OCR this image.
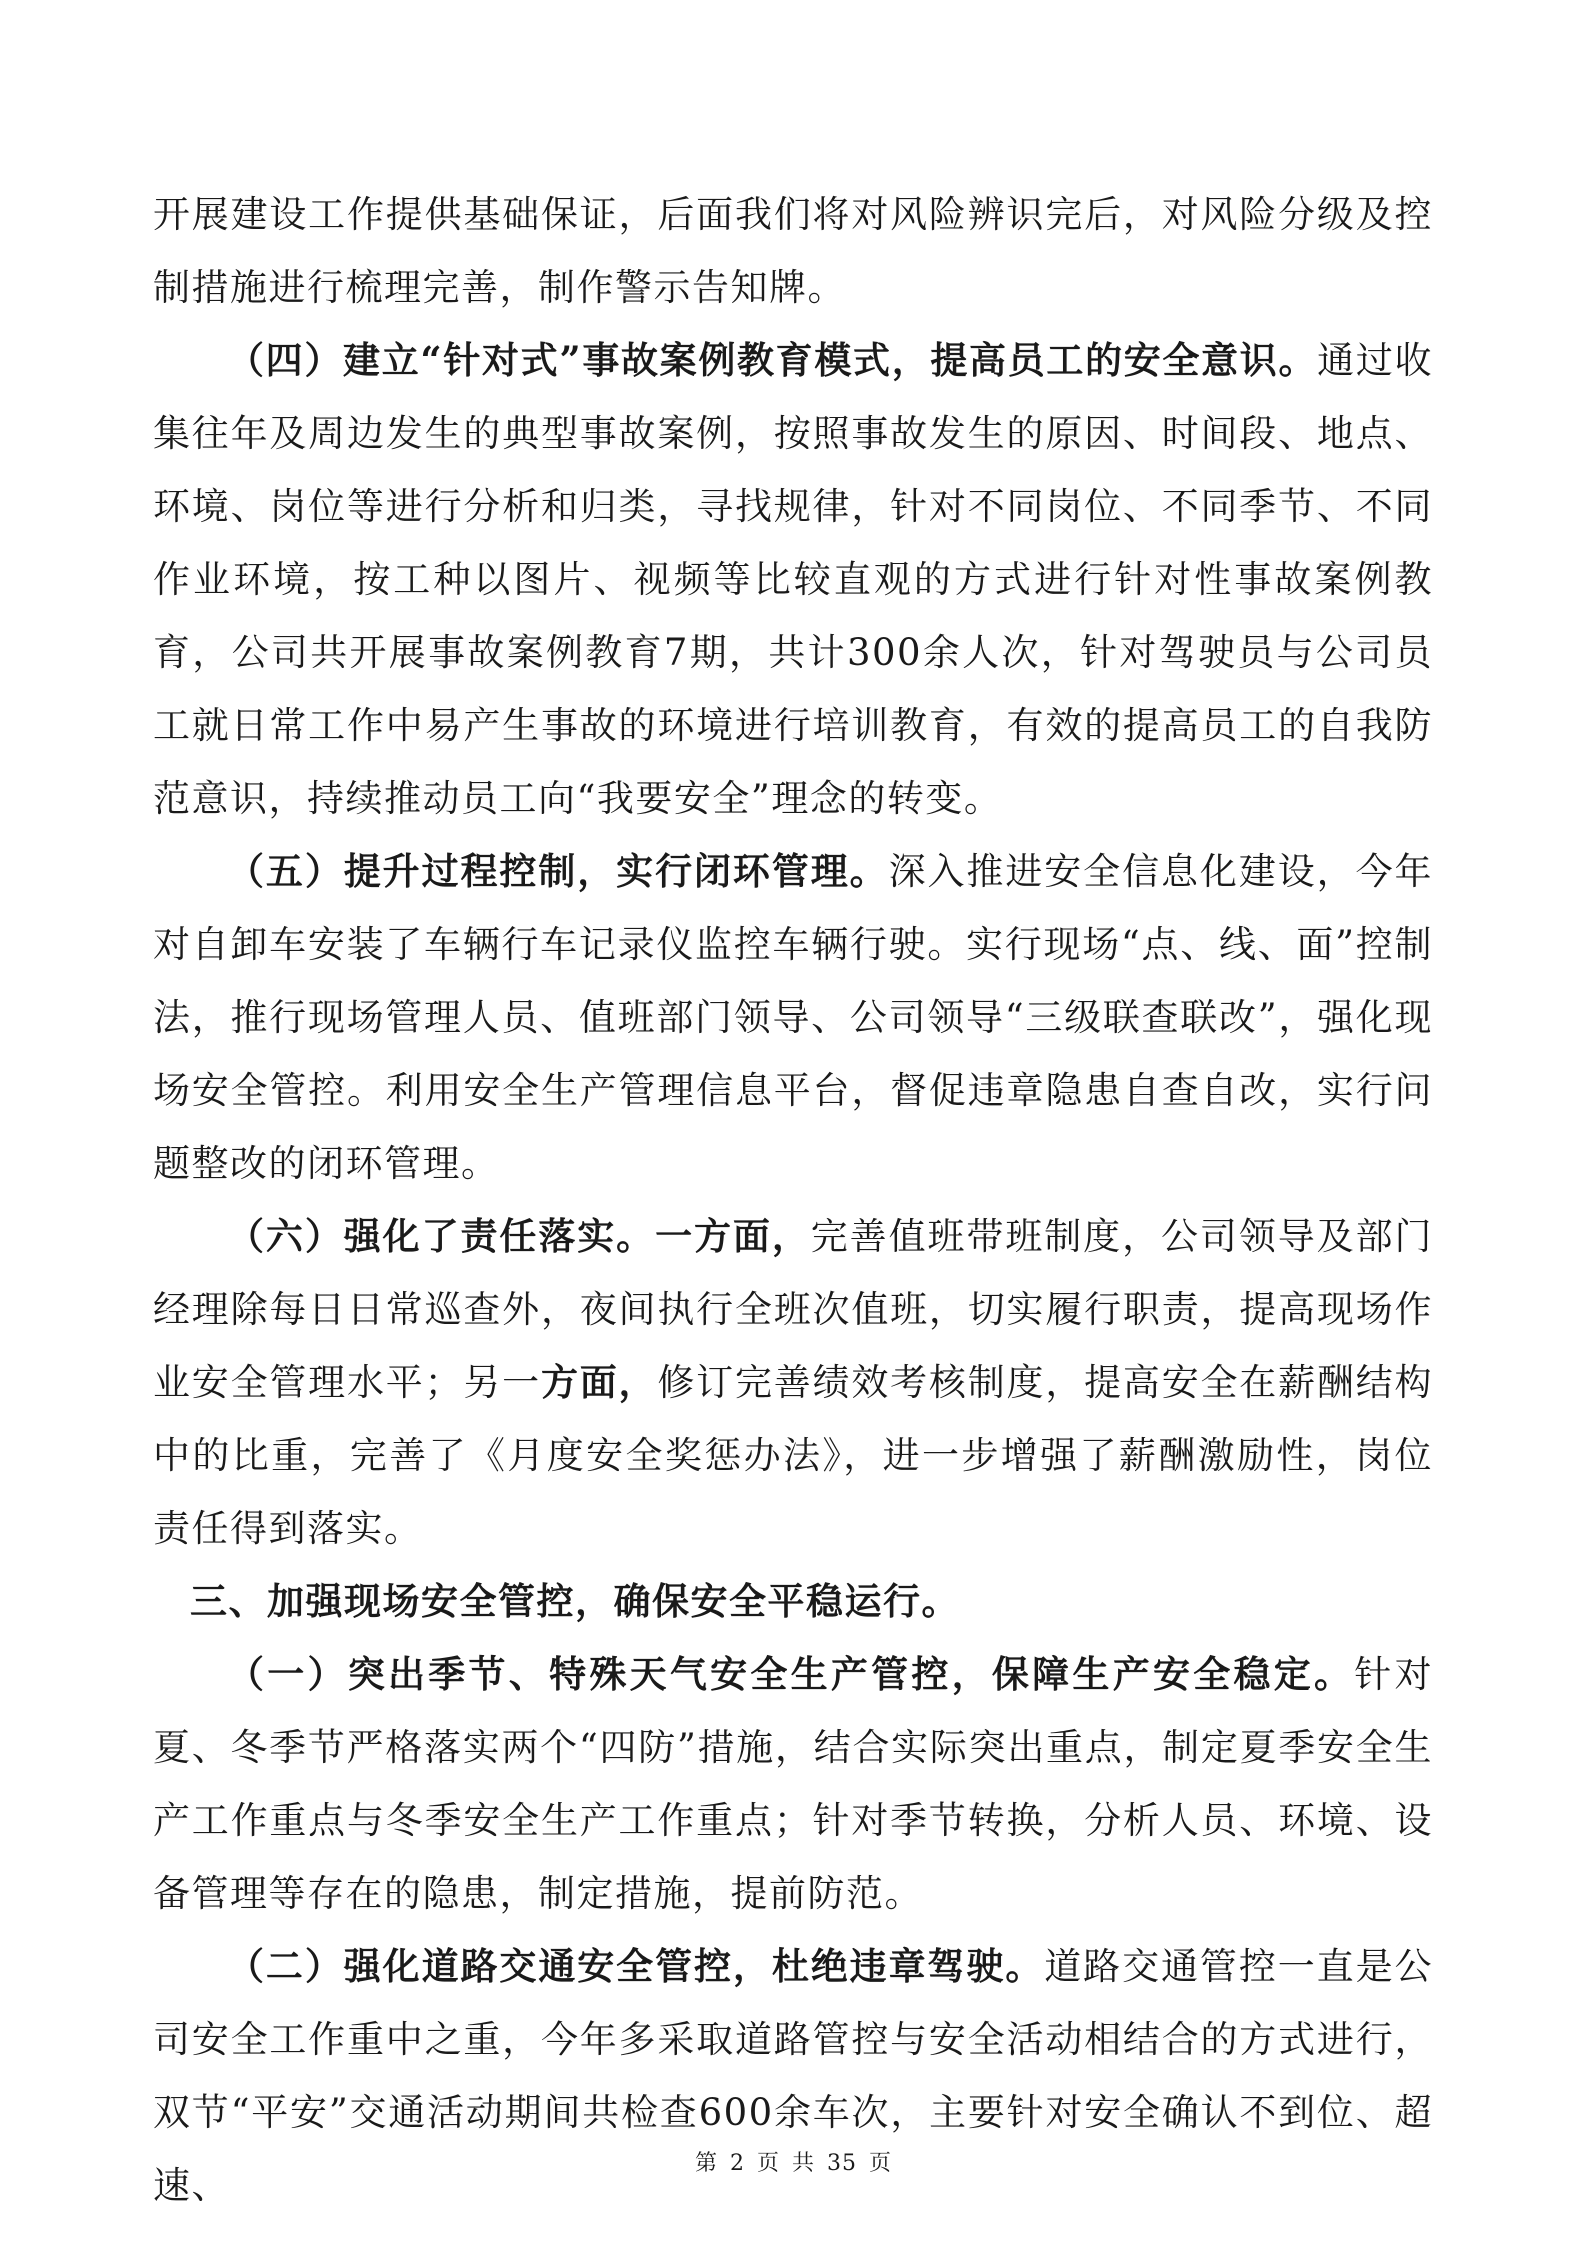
开展建设工作提供基础保证，后面我们将对风险辨识完后，对风险分级及控制措施进行梳理完善，制作警示告知牌。

（四）建立“针对式”事故案例教育模式，提高员工的安全意识。通过收集往年及周边发生的典型事故案例，按照事故发生的原因、时间段、地点、环境、岗位等进行分析和归类，寻找规律，针对不同岗位、不同季节、不同作业环境，按工种以图片、视频等比较直观的方式进行针对性事故案例教育，公司共开展事故案例教育7期，共计300余人次，针对驾驶员与公司员工就日常工作中易产生事故的环境进行培训教育，有效的提高员工的自我防范意识，持续推动员工向“我要安全”理念的转变。

（五）提升过程控制，实行闭环管理。深入推进安全信息化建设，今年对自卸车安装了车辆行车记录仪监控车辆行驶。实行现场“点、线、面”控制法，推行现场管理人员、值班部门领导、公司领导“三级联查联改”，强化现场安全管控。利用安全生产管理信息平台，督促违章隐患自查自改，实行问题整改的闭环管理。

（六）强化了责任落实。一方面，完善值班带班制度，公司领导及部门经理除每日日常巡查外，夜间执行全班次值班，切实履行职责，提高现场作业安全管理水平；另一方面，修订完善绩效考核制度，提高安全在薪酬结构中的比重，完善了《月度安全奖惩办法》，进一步增强了薪酬激励性，岗位责任得到落实。

三、加强现场安全管控，确保安全平稳运行。

（一）突出季节、特殊天气安全生产管控，保障生产安全稳定。针对夏、冬季节严格落实两个“四防”措施，结合实际突出重点，制定夏季安全生产工作重点与冬季安全生产工作重点；针对季节转换，分析人员、环境、设备管理等存在的隐患，制定措施，提前防范。

（二）强化道路交通安全管控，杜绝违章驾驶。道路交通管控一直是公司安全工作重中之重，今年多采取道路管控与安全活动相结合的方式进行，双节“平安”交通活动期间共检查600余车次，主要针对安全确认不到位、超速、

第 2 页 共 35 页
